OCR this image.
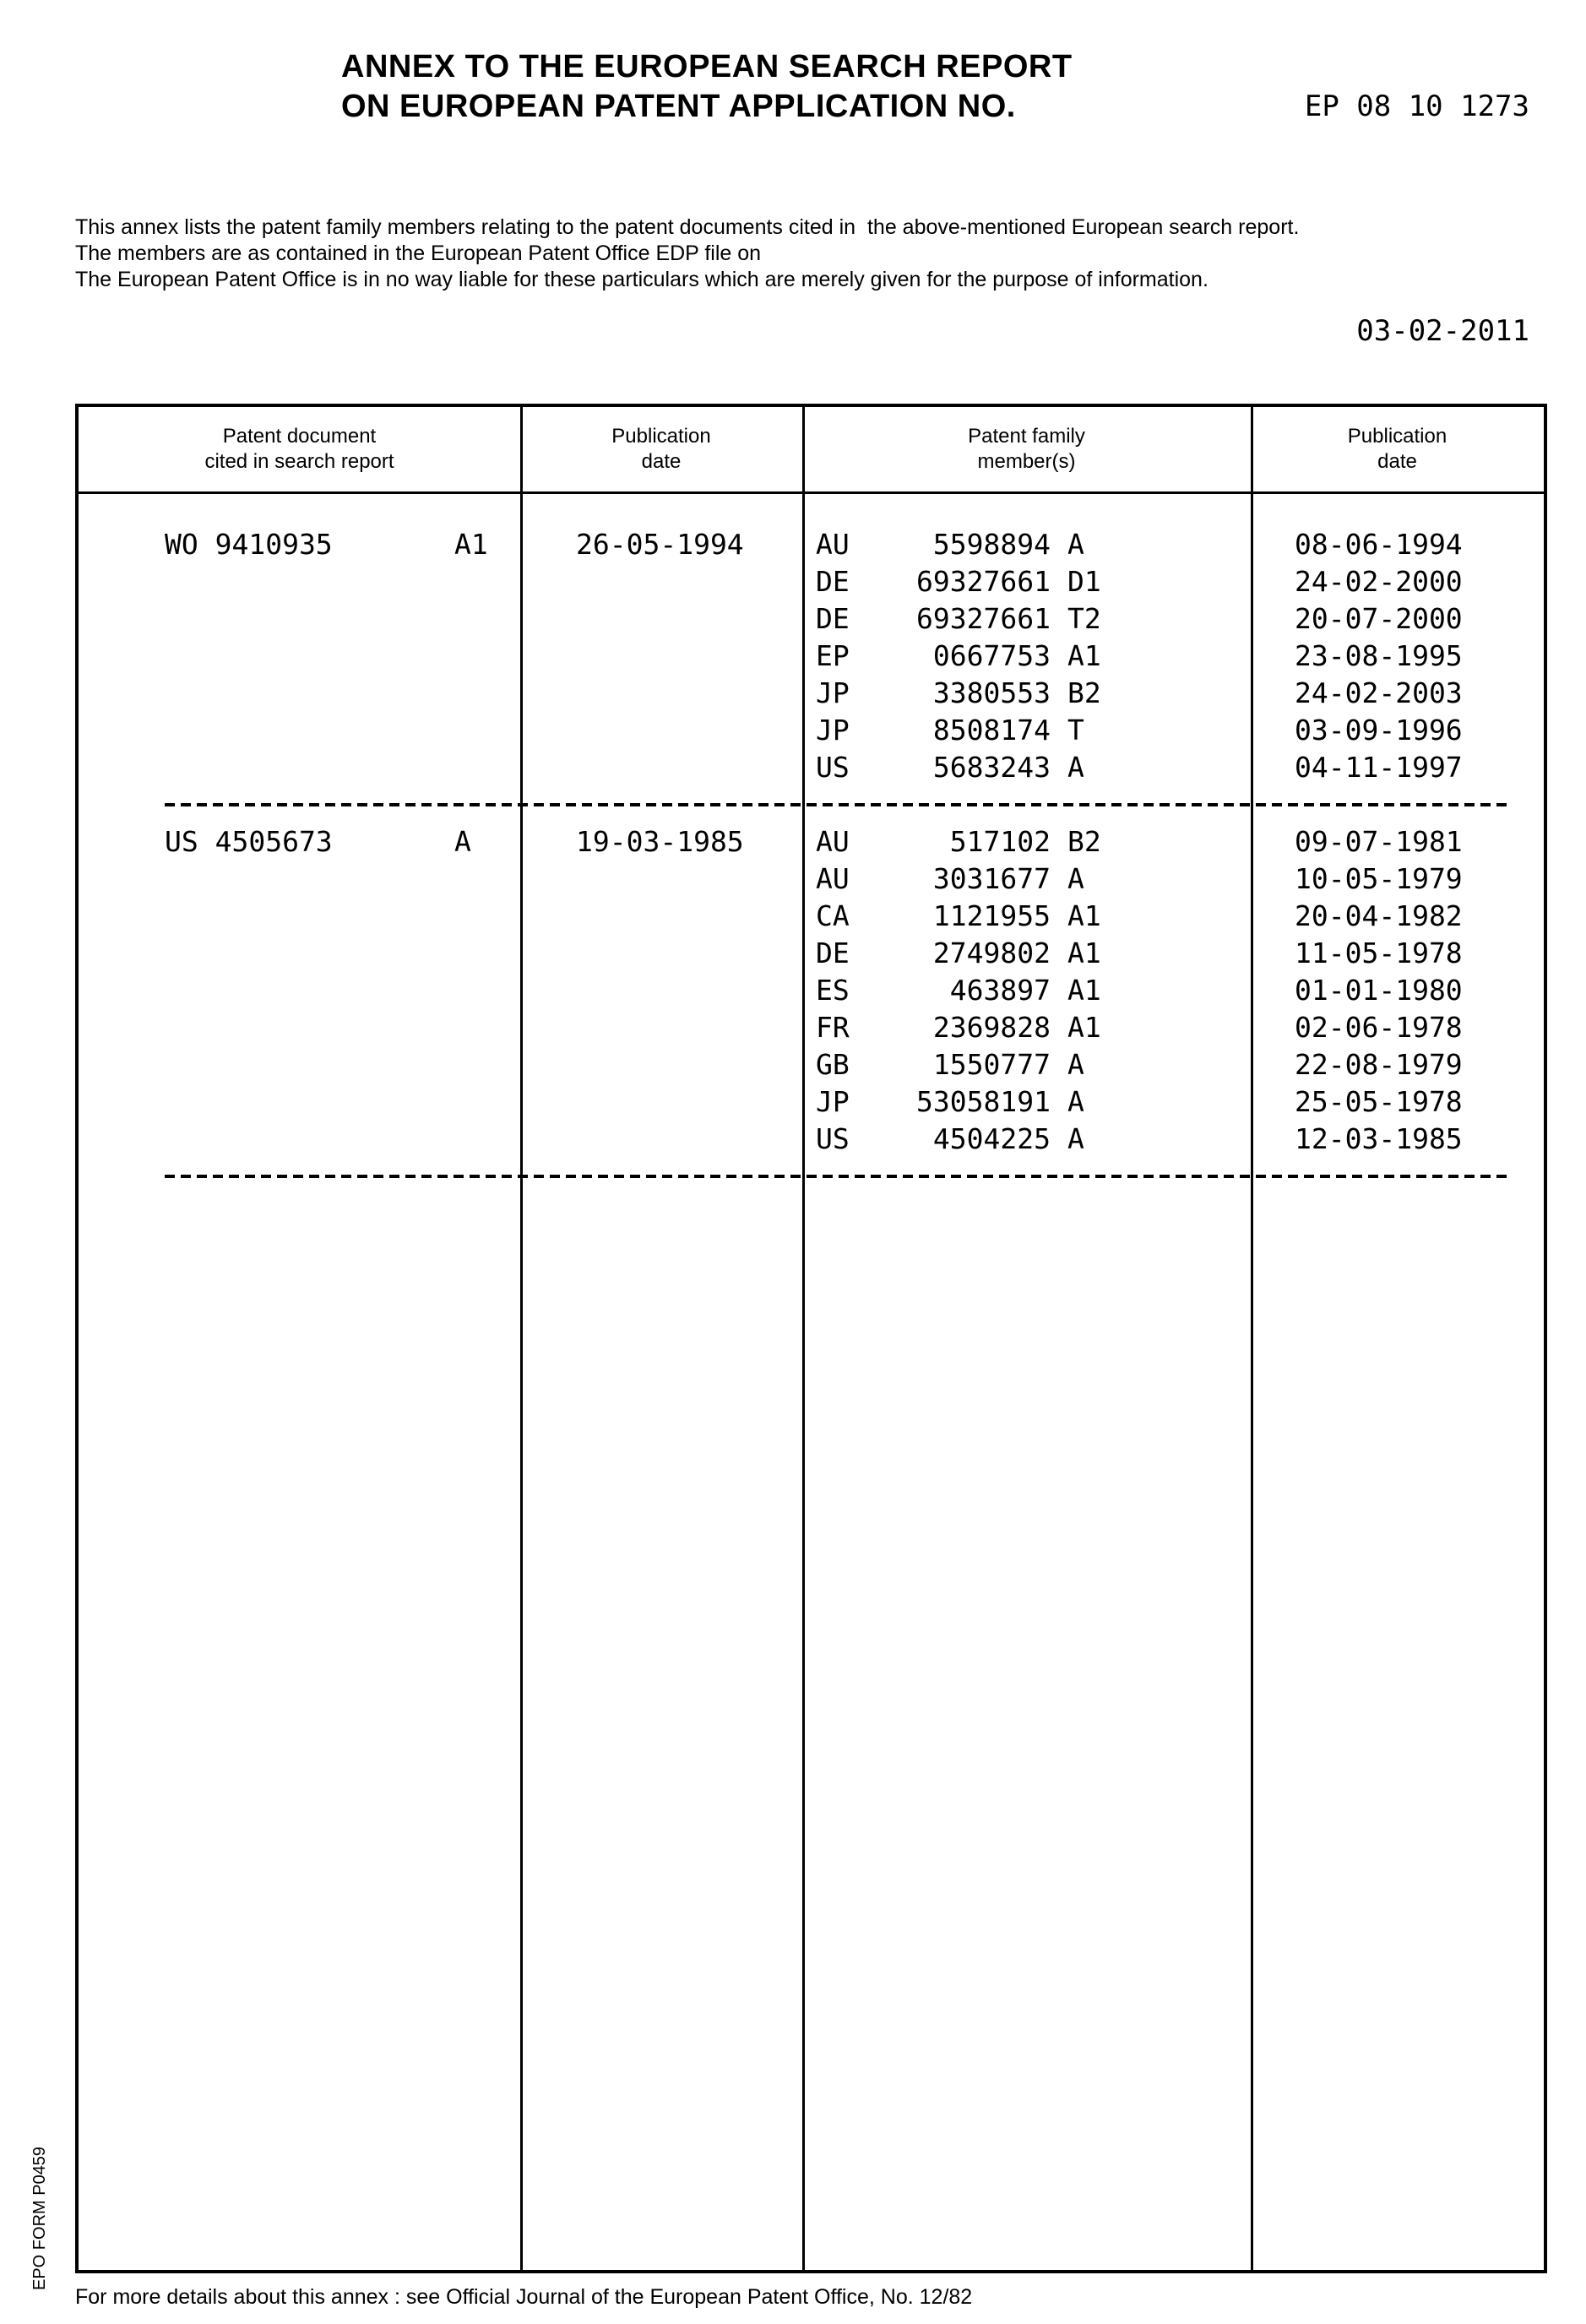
ANNEX TO THE EUROPEAN SEARCH REPORT
ON EUROPEAN PATENT APPLICATION NO.	EP 08 10 1273
This annex lists the patent family members relating to the patent documents cited in  the above-mentioned European search report.
The members are as contained in the European Patent Office EDP file on
The European Patent Office is in no way liable for these particulars which are merely given for the purpose of information.
03-02-2011
Patent document
cited in search report
Publication
date
Patent family
member(s)
Publication
date
WO 9410935	A1	26-05-1994	AU	5598894 A	08-06-1994
DE	69327661 D1	24-02-2000
DE	69327661 T2	20-07-2000
EP	0667753 A1	23-08-1995
JP	3380553 B2	24-02-2003
JP	8508174 T	03-09-1996
US	5683243 A	04-11-1997
US 4505673	A	19-03-1985	AU	517102 B2	09-07-1981
AU	3031677 A	10-05-1979
CA	1121955 A1	20-04-1982
DE	2749802 A1	11-05-1978
ES	463897 A1	01-01-1980
FR	2369828 A1	02-06-1978
GB	1550777 A	22-08-1979
JP	53058191 A	25-05-1978
US	4504225 A	12-03-1985
EPO FORM P0459
For more details about this annex : see Official Journal of the European Patent Office, No. 12/82
